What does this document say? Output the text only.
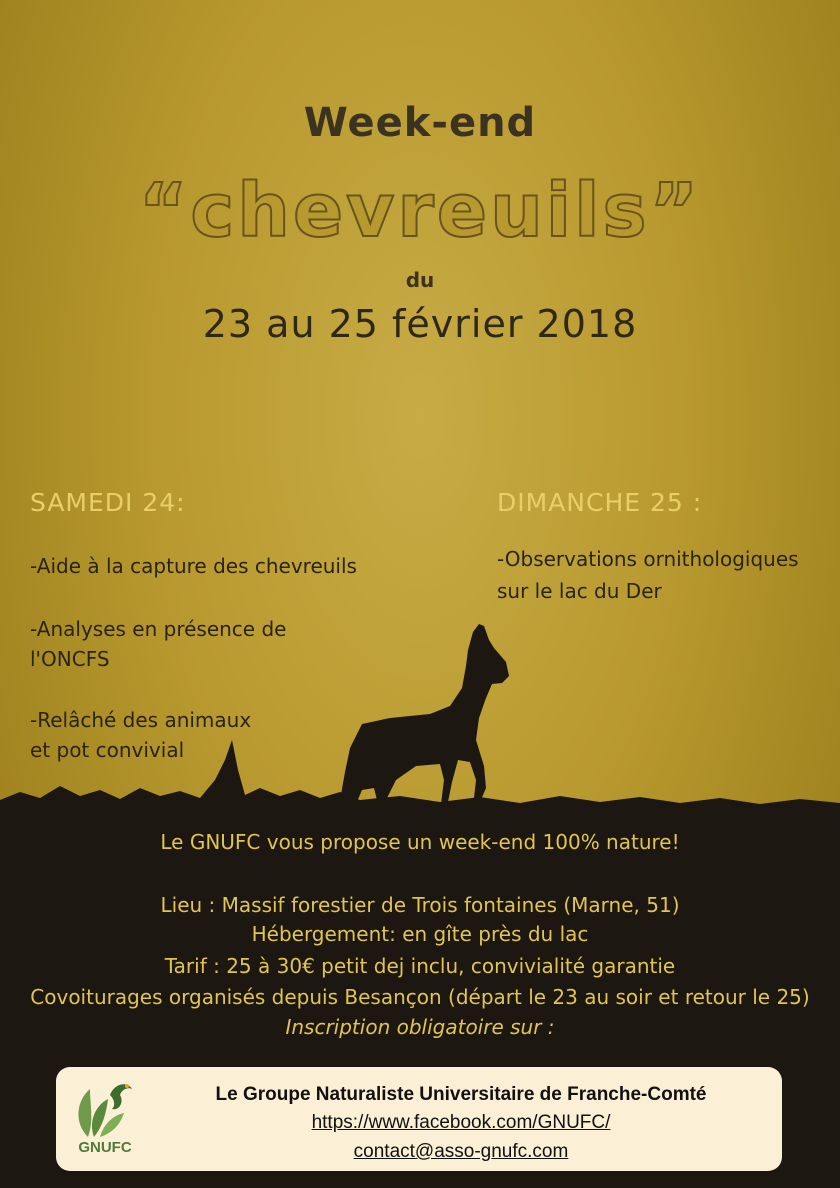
Week-end
“chevreuils”
du
23 au 25 février 2018
SAMEDI 24:
-Aide à la capture des chevreuils
-Analyses en présence de
l'ONCFS
-Relâché des animaux
et pot convivial
DIMANCHE 25 :
-Observations ornithologiques
sur le lac du Der
Le GNUFC vous propose un week-end 100% nature!
Lieu : Massif forestier de Trois fontaines (Marne, 51)
Hébergement: en gîte près du lac
Tarif : 25 à 30€ petit dej inclu, convivialité garantie
Covoiturages organisés depuis Besançon (départ le 23 au soir et retour le 25)
Inscription obligatoire sur :
GNUFC
Le Groupe Naturaliste Universitaire de Franche-Comté
https://www.facebook.com/GNUFC/
contact@asso-gnufc.com
